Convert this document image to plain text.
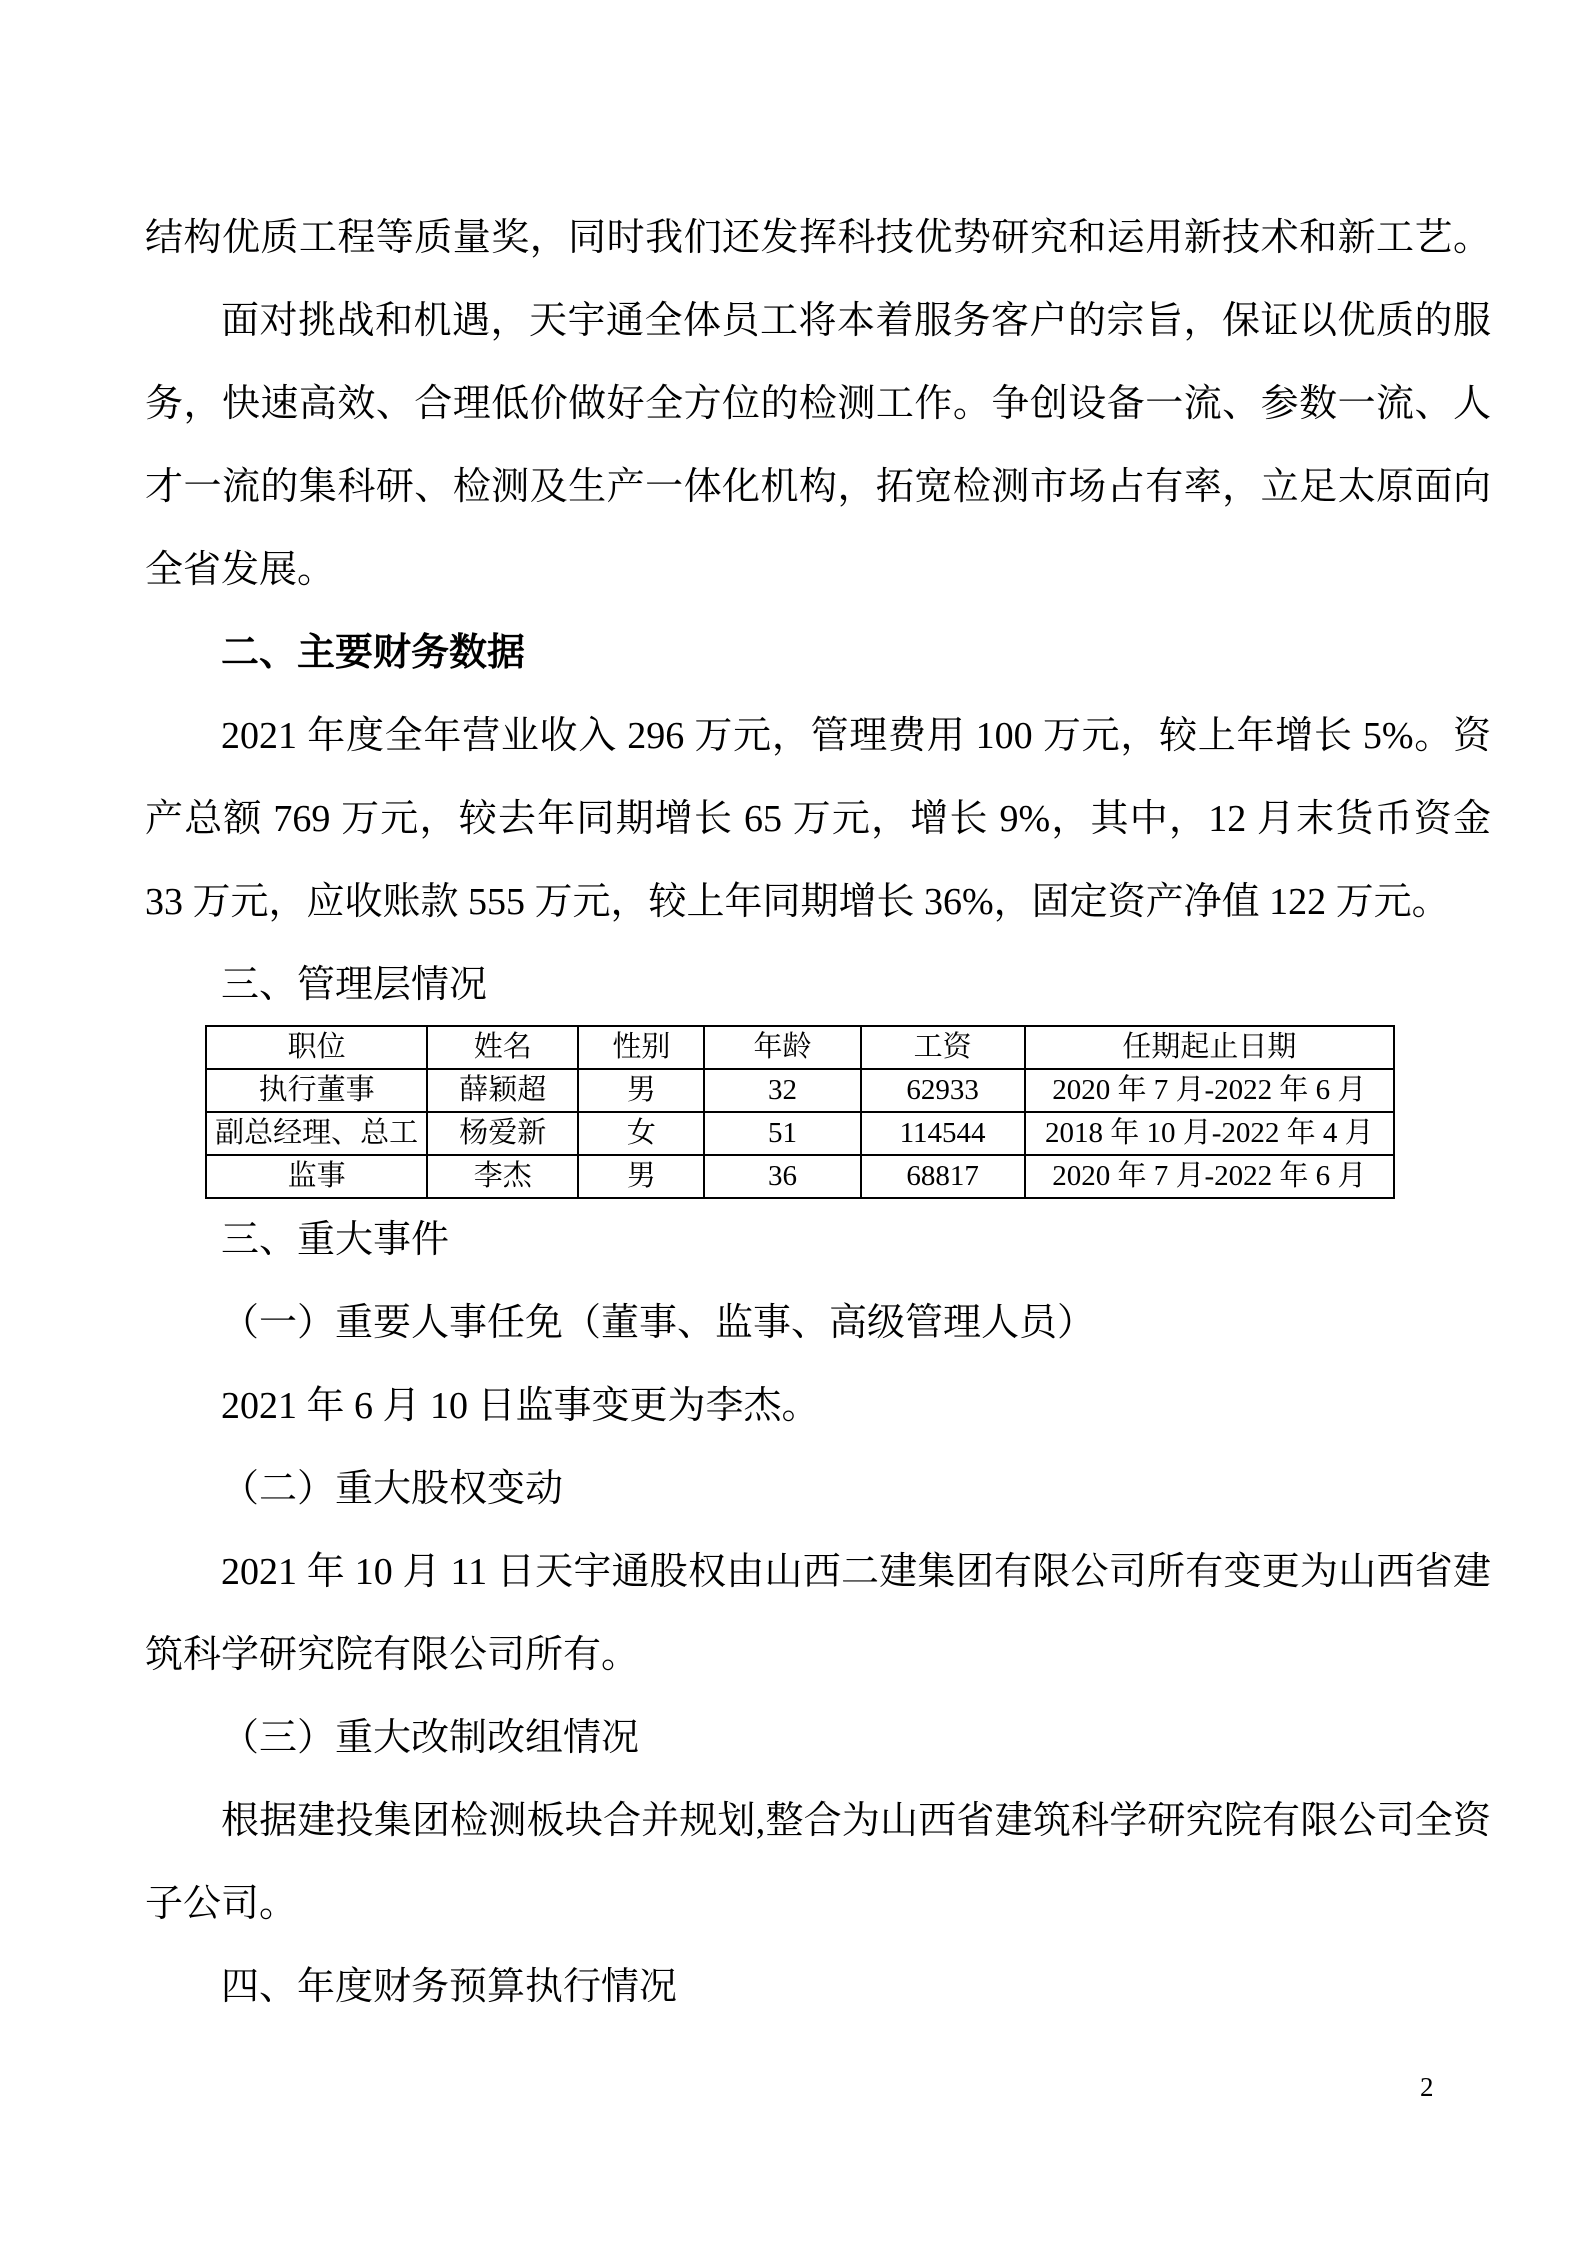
结构优质工程等质量奖，同时我们还发挥科技优势研究和运用新技术和新工艺。

面对挑战和机遇，天宇通全体员工将本着服务客户的宗旨，保证以优质的服务，快速高效、合理低价做好全方位的检测工作。争创设备一流、参数一流、人才一流的集科研、检测及生产一体化机构，拓宽检测市场占有率，立足太原面向全省发展。

二、主要财务数据

2021 年度全年营业收入 296 万元，管理费用 100 万元，较上年增长 5%。资产总额 769 万元，较去年同期增长 65 万元，增长 9%，其中，12 月末货币资金 33 万元，应收账款 555 万元，较上年同期增长 36%，固定资产净值 122 万元。

三、管理层情况

职位	姓名	性别	年龄	工资	任期起止日期
执行董事	薛颖超	男	32	62933	2020 年 7 月-2022 年 6 月
副总经理、总工	杨爱新	女	51	114544	2018 年 10 月-2022 年 4 月
监事	李杰	男	36	68817	2020 年 7 月-2022 年 6 月

三、重大事件

（一）重要人事任免（董事、监事、高级管理人员）

2021 年 6 月 10 日监事变更为李杰。

（二）重大股权变动

2021 年 10 月 11 日天宇通股权由山西二建集团有限公司所有变更为山西省建筑科学研究院有限公司所有。

（三）重大改制改组情况

根据建投集团检测板块合并规划,整合为山西省建筑科学研究院有限公司全资子公司。

四、年度财务预算执行情况

2
